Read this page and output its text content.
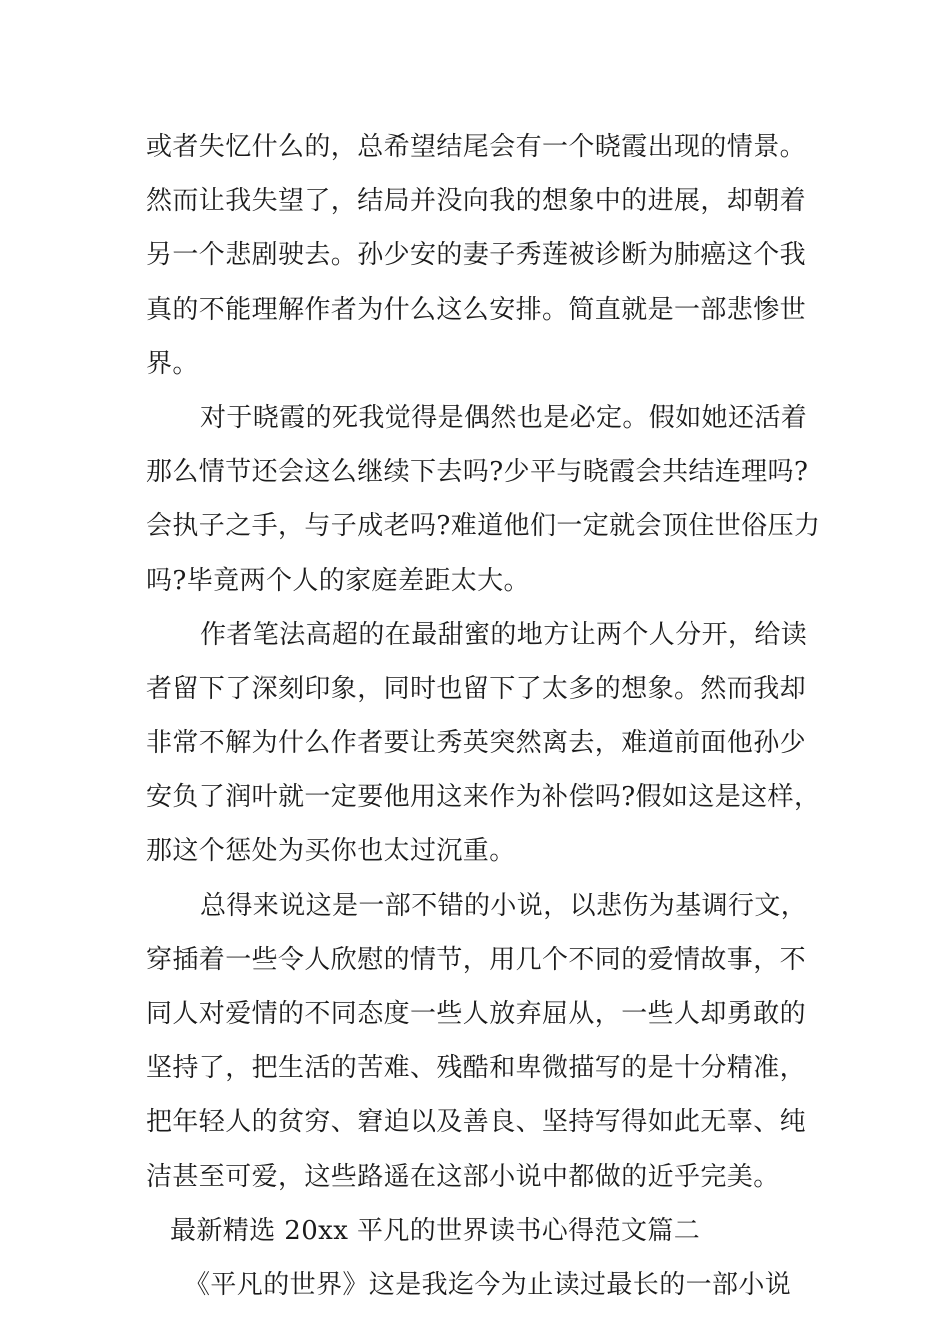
或者失忆什么的，总希望结尾会有一个晓霞出现的情景。
然而让我失望了，结局并没向我的想象中的进展，却朝着
另一个悲剧驶去。孙少安的妻子秀莲被诊断为肺癌这个我
真的不能理解作者为什么这么安排。简直就是一部悲惨世
界。
对于晓霞的死我觉得是偶然也是必定。假如她还活着
那么情节还会这么继续下去吗?少平与晓霞会共结连理吗?
会执子之手，与子成老吗?难道他们一定就会顶住世俗压力
吗?毕竟两个人的家庭差距太大。
作者笔法高超的在最甜蜜的地方让两个人分开，给读
者留下了深刻印象，同时也留下了太多的想象。然而我却
非常不解为什么作者要让秀英突然离去，难道前面他孙少
安负了润叶就一定要他用这来作为补偿吗?假如这是这样，
那这个惩处为买你也太过沉重。
总得来说这是一部不错的小说，以悲伤为基调行文，
穿插着一些令人欣慰的情节，用几个不同的爱情故事，不
同人对爱情的不同态度一些人放弃屈从，一些人却勇敢的
坚持了，把生活的苦难、残酷和卑微描写的是十分精准，
把年轻人的贫穷、窘迫以及善良、坚持写得如此无辜、纯
洁甚至可爱，这些路遥在这部小说中都做的近乎完美。
最新精选 20xx 平凡的世界读书心得范文篇二
《平凡的世界》这是我迄今为止读过最长的一部小说
